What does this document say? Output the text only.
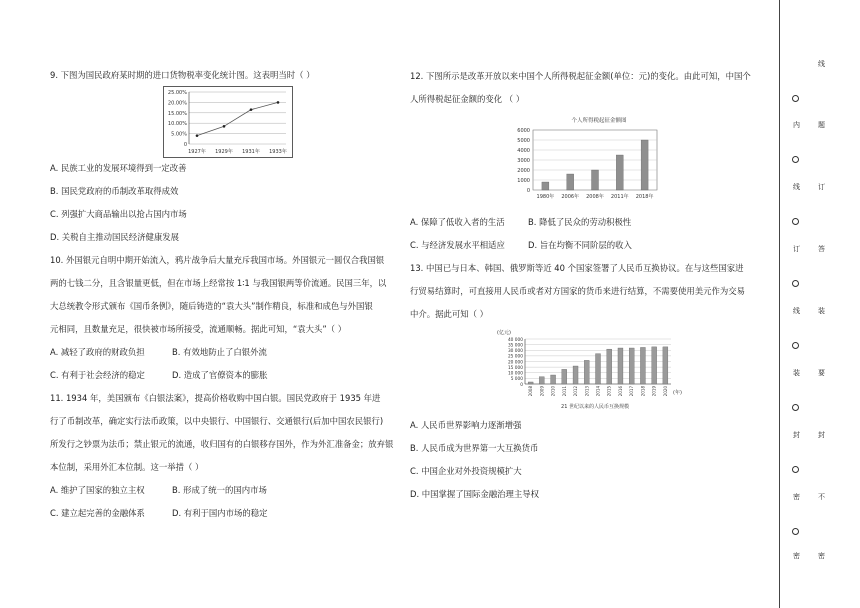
9. 下图为国民政府某时期的进口货物税率变化统计图。这表明当时（ ）

25.00%
20.00%
15.00%
10.00%
5.00%
0
1927年 1929年 1931年 1933年

A. 民族工业的发展环境得到一定改善

B. 国民党政府的币制改革取得成效

C. 列强扩大商品输出以抢占国内市场

D. 关税自主推动国民经济健康发展

10. 外国银元自明中期开始流入，鸦片战争后大量充斥我国市场。外国银元一圆仅合我国银

两的七钱二分，且含银量更低，但在市场上经常按 1∶1 与我国银两等价流通。民国三年，以

大总统教令形式颁布《国币条例》，随后铸造的“袁大头”制作精良，标准和成色与外国银

元相同，且数量充足，很快被市场所接受，流通顺畅。据此可知，“袁大头”（ ）

A. 减轻了政府的财政负担	B. 有效地防止了白银外流
C. 有利于社会经济的稳定	D. 造成了官僚资本的膨胀

11. 1934 年，美国颁布《白银法案》，提高价格收购中国白银。国民党政府于 1935 年进

行了币制改革，确定实行法币政策，以中央银行、中国银行、交通银行(后加中国农民银行)

所发行之钞票为法币；禁止银元的流通，收归国有的白银移存国外，作为外汇准备金；放弃银

本位制，采用外汇本位制。这一举措（ ）

A. 维护了国家的独立主权	B. 形成了统一的国内市场
C. 建立起完善的金融体系	D. 有利于国内市场的稳定

12. 下图所示是改革开放以来中国个人所得税起征金额(单位：元)的变化。由此可知，中国个

人所得税起征金额的变化 （ ）

个人所得税起征金额图
6000
5000
4000
3000
2000
1000
0
1980年 2006年 2008年 2011年 2018年
A. 保障了低收入者的生活	B. 降低了民众的劳动积极性
C. 与经济发展水平相适应	D. 旨在均衡不同阶层的收入

13. 中国已与日本、韩国、俄罗斯等近 40 个国家签署了人民币互换协议。在与这些国家进

行贸易结算时，可直接用人民币或者对方国家的货币来进行结算，不需要使用美元作为交易

中介。据此可知（ ）

(亿元)
(年)
21 世纪以来的人民币互换规模
40 000
35 000
30 000
25 000
20 000
15 000
10 000
5 000
0
2008 2009 2010 2011 2012 2013 2014 2015 2016 2017 2018 2019 2020

A. 人民币世界影响力逐渐增强

B. 人民币成为世界第一大互换货币

C. 中国企业对外投资规模扩大

D. 中国掌握了国际金融治理主导权

线
题
订
答
装
要
封
不
密
内
线
订
线
装
封
密
密
